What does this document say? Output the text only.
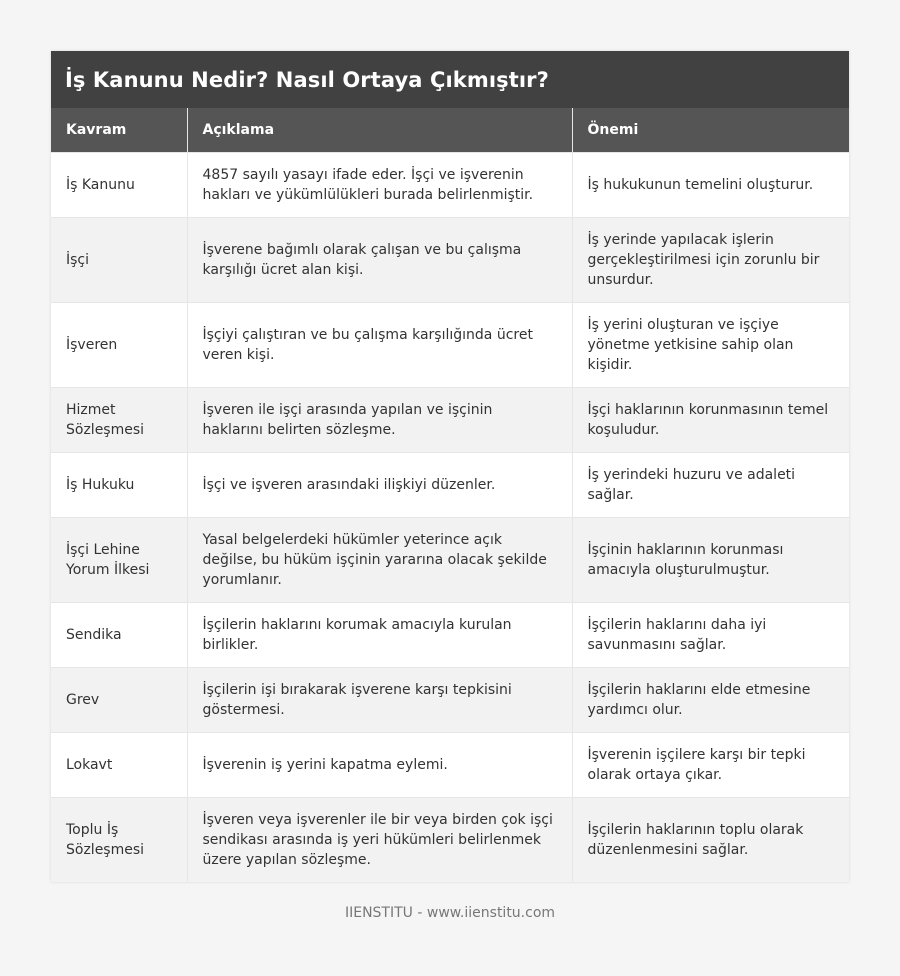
İş Kanunu Nedir? Nasıl Ortaya Çıkmıştır?
Kavram	Açıklama	Önemi
İş Kanunu	4857 sayılı yasayı ifade eder. İşçi ve işverenin hakları ve yükümlülükleri burada belirlenmiştir.	İş hukukunun temelini oluşturur.
İşçi	İşverene bağımlı olarak çalışan ve bu çalışma karşılığı ücret alan kişi.	İş yerinde yapılacak işlerin gerçekleştirilmesi için zorunlu bir unsurdur.
İşveren	İşçiyi çalıştıran ve bu çalışma karşılığında ücret veren kişi.	İş yerini oluşturan ve işçiye yönetme yetkisine sahip olan kişidir.
Hizmet Sözleşmesi	İşveren ile işçi arasında yapılan ve işçinin haklarını belirten sözleşme.	İşçi haklarının korunmasının temel koşuludur.
İş Hukuku	İşçi ve işveren arasındaki ilişkiyi düzenler.	İş yerindeki huzuru ve adaleti sağlar.
İşçi Lehine Yorum İlkesi	Yasal belgelerdeki hükümler yeterince açık değilse, bu hüküm işçinin yararına olacak şekilde yorumlanır.	İşçinin haklarının korunması amacıyla oluşturulmuştur.
Sendika	İşçilerin haklarını korumak amacıyla kurulan birlikler.	İşçilerin haklarını daha iyi savunmasını sağlar.
Grev	İşçilerin işi bırakarak işverene karşı tepkisini göstermesi.	İşçilerin haklarını elde etmesine yardımcı olur.
Lokavt	İşverenin iş yerini kapatma eylemi.	İşverenin işçilere karşı bir tepki olarak ortaya çıkar.
Toplu İş Sözleşmesi	İşveren veya işverenler ile bir veya birden çok işçi sendikası arasında iş yeri hükümleri belirlenmek üzere yapılan sözleşme.	İşçilerin haklarının toplu olarak düzenlenmesini sağlar.
IIENSTITU - www.iienstitu.com
